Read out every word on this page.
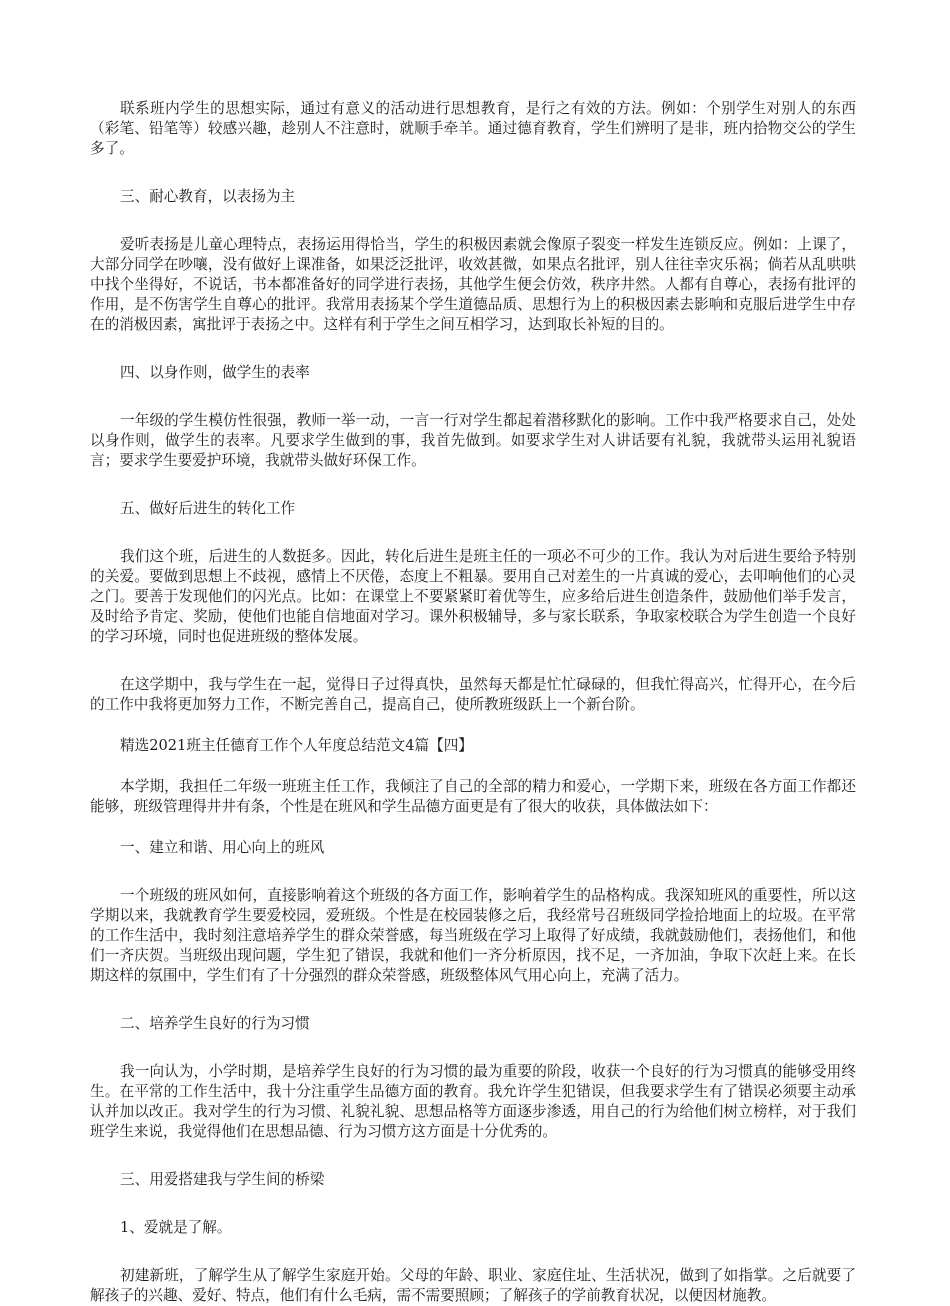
联系班内学生的思想实际，通过有意义的活动进行思想教育，是行之有效的方法。例如：个别学生对别人的东西（彩笔、铅笔等）较感兴趣，趁别人不注意时，就顺手牵羊。通过德育教育，学生们辨明了是非，班内拾物交公的学生多了。

三、耐心教育，以表扬为主

爱听表扬是儿童心理特点，表扬运用得恰当，学生的积极因素就会像原子裂变一样发生连锁反应。例如：上课了，大部分同学在吵嚷，没有做好上课准备，如果泛泛批评，收效甚微，如果点名批评，别人往往幸灾乐祸；倘若从乱哄哄中找个坐得好，不说话，书本都准备好的同学进行表扬，其他学生便会仿效，秩序井然。人都有自尊心，表扬有批评的作用，是不伤害学生自尊心的批评。我常用表扬某个学生道德品质、思想行为上的积极因素去影响和克服后进学生中存在的消极因素，寓批评于表扬之中。这样有利于学生之间互相学习，达到取长补短的目的。

四、以身作则，做学生的表率

一年级的学生模仿性很强，教师一举一动，一言一行对学生都起着潜移默化的影响。工作中我严格要求自己，处处以身作则，做学生的表率。凡要求学生做到的事，我首先做到。如要求学生对人讲话要有礼貌，我就带头运用礼貌语言；要求学生要爱护环境，我就带头做好环保工作。

五、做好后进生的转化工作

我们这个班，后进生的人数挺多。因此，转化后进生是班主任的一项必不可少的工作。我认为对后进生要给予特别的关爱。要做到思想上不歧视，感情上不厌倦，态度上不粗暴。要用自己对差生的一片真诚的爱心，去叩响他们的心灵之门。要善于发现他们的闪光点。比如：在课堂上不要紧紧盯着优等生，应多给后进生创造条件，鼓励他们举手发言，及时给予肯定、奖励，使他们也能自信地面对学习。课外积极辅导，多与家长联系，争取家校联合为学生创造一个良好的学习环境，同时也促进班级的整体发展。

在这学期中，我与学生在一起，觉得日子过得真快，虽然每天都是忙忙碌碌的，但我忙得高兴，忙得开心，在今后的工作中我将更加努力工作，不断完善自己，提高自己，使所教班级跃上一个新台阶。

精选2021班主任德育工作个人年度总结范文4篇【四】

本学期，我担任二年级一班班主任工作，我倾注了自己的全部的精力和爱心，一学期下来，班级在各方面工作都还能够，班级管理得井井有条，个性是在班风和学生品德方面更是有了很大的收获，具体做法如下：

一、建立和谐、用心向上的班风

一个班级的班风如何，直接影响着这个班级的各方面工作，影响着学生的品格构成。我深知班风的重要性，所以这学期以来，我就教育学生要爱校园，爱班级。个性是在校园装修之后，我经常号召班级同学捡拾地面上的垃圾。在平常的工作生活中，我时刻注意培养学生的群众荣誉感，每当班级在学习上取得了好成绩，我就鼓励他们，表扬他们，和他们一齐庆贺。当班级出现问题，学生犯了错误，我就和他们一齐分析原因，找不足，一齐加油，争取下次赶上来。在长期这样的氛围中，学生们有了十分强烈的群众荣誉感，班级整体风气用心向上，充满了活力。

二、培养学生良好的行为习惯

我一向认为，小学时期，是培养学生良好的行为习惯的最为重要的阶段，收获一个良好的行为习惯真的能够受用终生。在平常的工作生活中，我十分注重学生品德方面的教育。我允许学生犯错误，但我要求学生有了错误必须要主动承认并加以改正。我对学生的行为习惯、礼貌礼貌、思想品格等方面逐步渗透，用自己的行为给他们树立榜样，对于我们班学生来说，我觉得他们在思想品德、行为习惯方这方面是十分优秀的。

三、用爱搭建我与学生间的桥梁

1、爱就是了解。

初建新班，了解学生从了解学生家庭开始。父母的年龄、职业、家庭住址、生活状况，做到了如指掌。之后就要了解孩子的兴趣、爱好、特点，他们有什么毛病，需不需要照顾；了解孩子的学前教育状况，以便因材施教。
